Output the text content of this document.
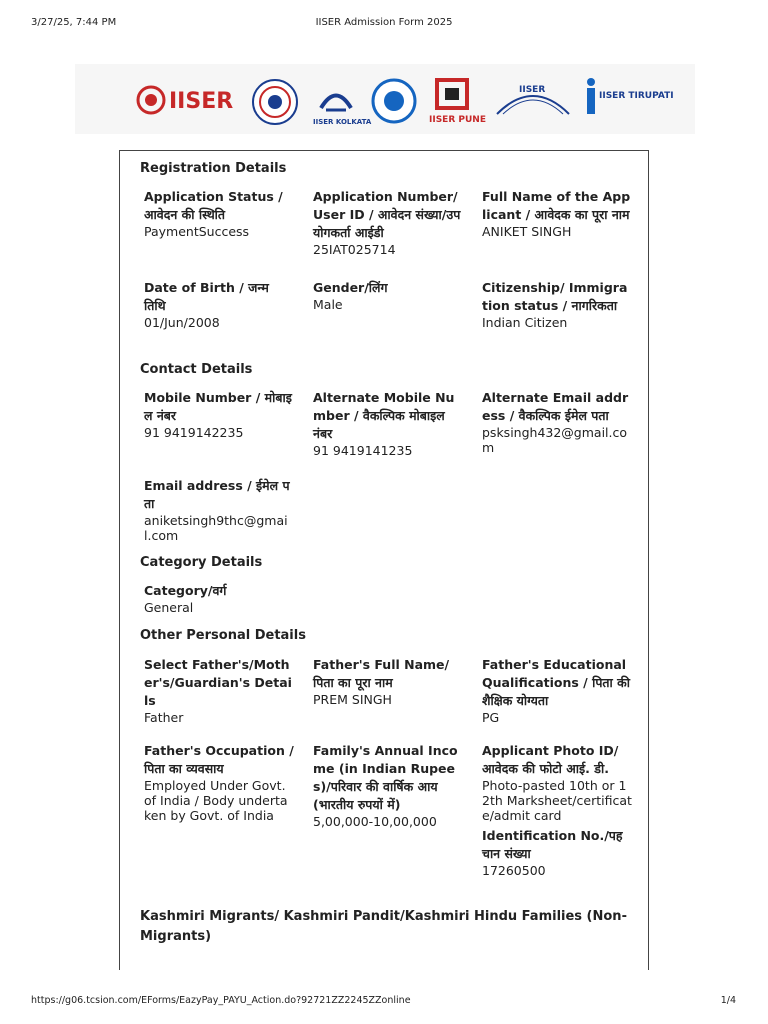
3/27/25, 7:44 PM	IISER Admission Form 2025
IISER
IISER KOLKATA	IISER PUNE
IISER
IISER TIRUPATI
Registration Details
Application Status / आवेदन की स्थिति
PaymentSuccess
Application Number/User ID / आवेदन संख्या/उपयोगकर्ता आईडी
25IAT025714
Full Name of the Applicant / आवेदक का पूरा नाम
ANIKET SINGH
Date of Birth / जन्म तिथि
01/Jun/2008
Gender/लिंग
Male
Citizenship/ Immigration status / नागरिकता
Indian Citizen
Contact Details
Mobile Number / मोबाइल नंबर
91 9419142235
Alternate Mobile Number / वैकल्पिक मोबाइल नंबर
91 9419141235
Alternate Email address / वैकल्पिक ईमेल पता
psksingh432@gmail.com
Email address / ईमेल पता
aniketsingh9thc@gmail.com
Category Details
Category/वर्ग
General
Other Personal Details
Select Father's/Mother's/Guardian's Details
Father
Father's Full Name/ पिता का पूरा नाम
PREM SINGH
Father's Educational Qualifications / पिता की शैक्षिक योग्यता
PG
Father's Occupation / पिता का व्यवसाय
Employed Under Govt. of India / Body undertaken by Govt. of India
Family's Annual Income (in Indian Rupees)/परिवार की वार्षिक आय (भारतीय रुपयों में)
5,00,000-10,00,000
Applicant Photo ID/ आवेदक की फोटो आई. डी.
Photo-pasted 10th or 12th Marksheet/certificate/admit card
Identification No./पहचान संख्या
17260500
Kashmiri Migrants/ Kashmiri Pandit/Kashmiri Hindu Families (Non-Migrants)
https://g06.tcsion.com/EForms/EazyPay_PAYU_Action.do?92721ZZ2245ZZonline	1/4
